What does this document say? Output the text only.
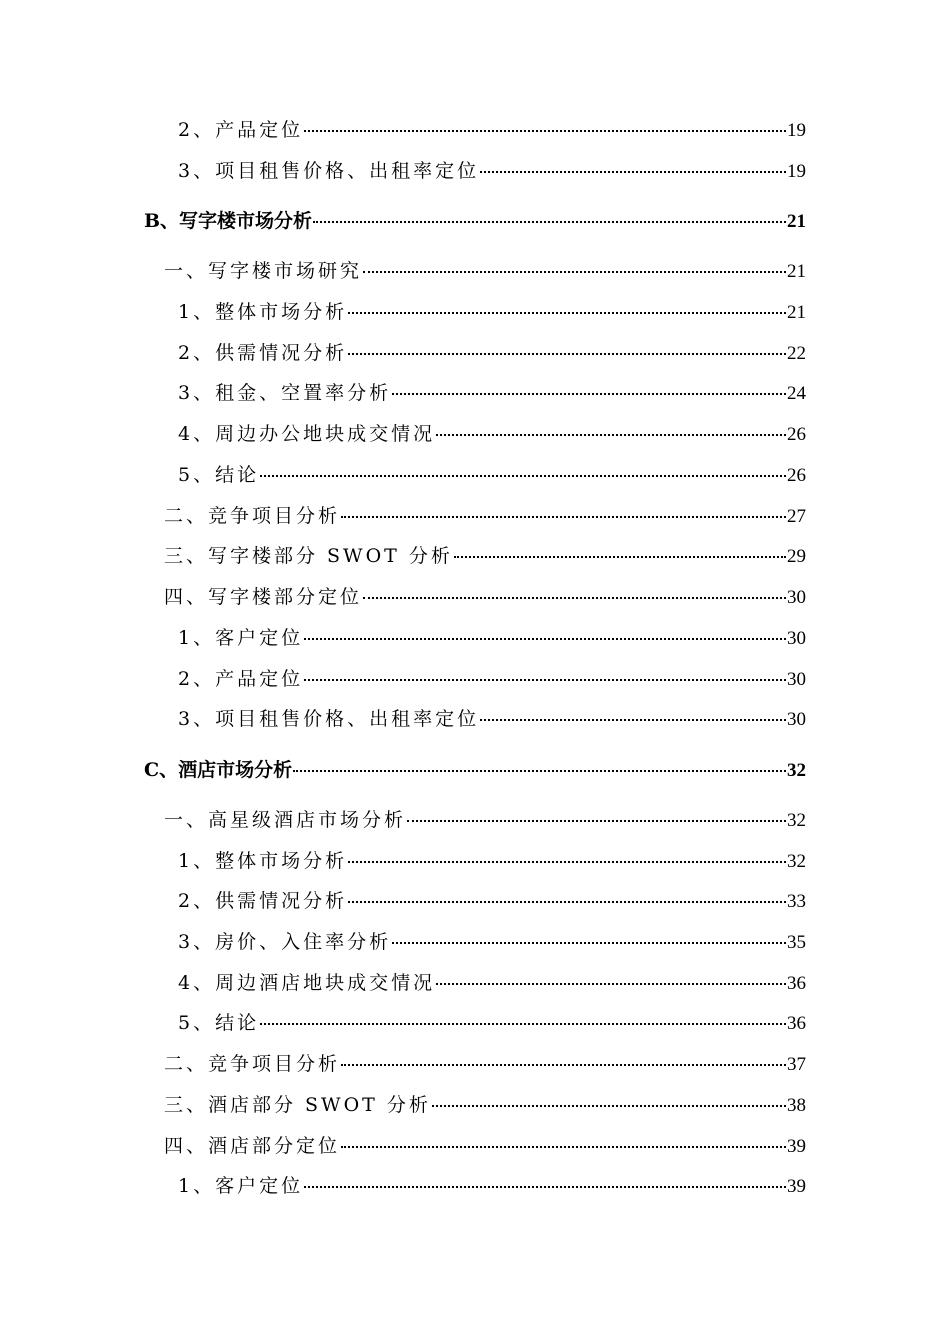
2、产品定位	19
3、项目租售价格、出租率定位	19
B、写字楼市场分析	21
一、写字楼市场研究	21
1、整体市场分析	21
2、供需情况分析	22
3、租金、空置率分析	24
4、周边办公地块成交情况	26
5、结论	26
二、竞争项目分析	27
三、写字楼部分 SWOT 分析	29
四、写字楼部分定位	30
1、客户定位	30
2、产品定位	30
3、项目租售价格、出租率定位	30
C、酒店市场分析	32
一、高星级酒店市场分析	32
1、整体市场分析	32
2、供需情况分析	33
3、房价、入住率分析	35
4、周边酒店地块成交情况	36
5、结论	36
二、竞争项目分析	37
三、酒店部分 SWOT 分析	38
四、酒店部分定位	39
1、客户定位	39
